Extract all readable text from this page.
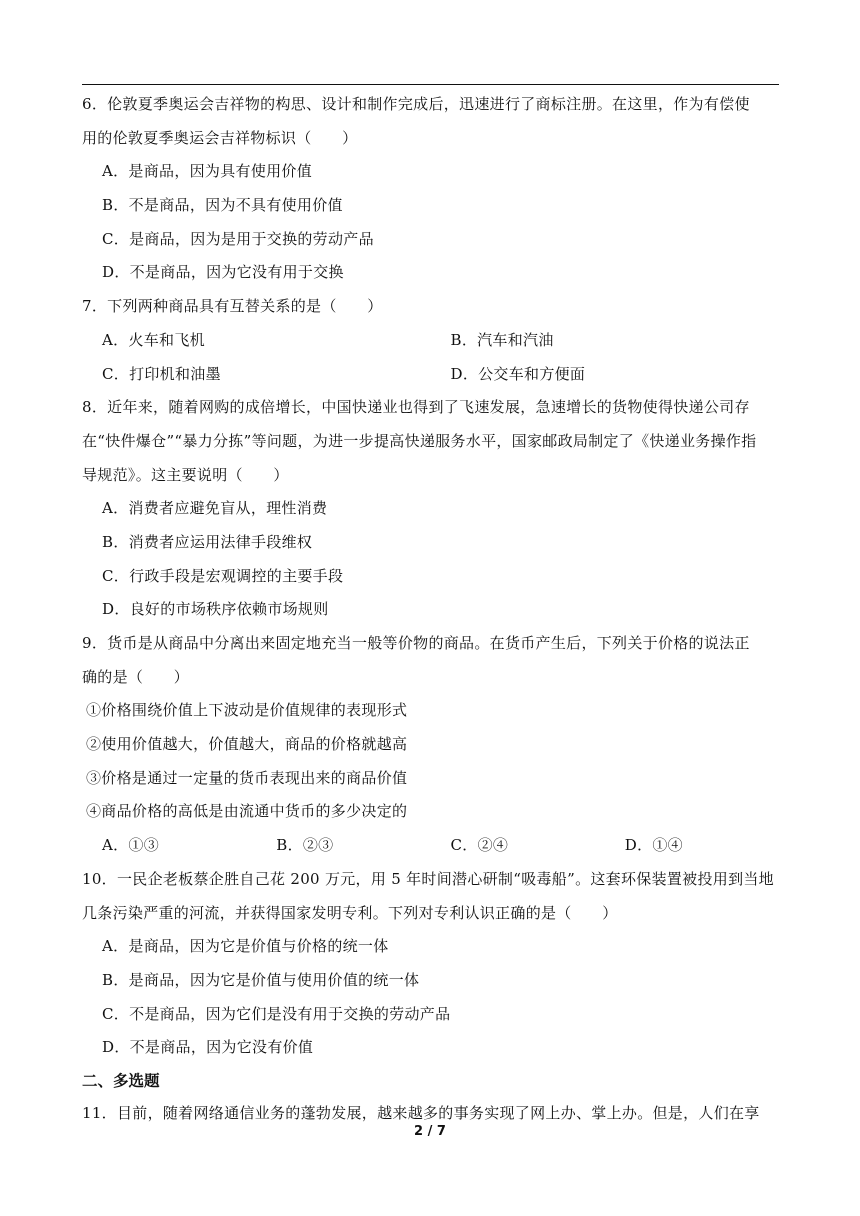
6．伦敦夏季奥运会吉祥物的构思、设计和制作完成后，迅速进行了商标注册。在这里，作为有偿使
用的伦敦夏季奥运会吉祥物标识（　　）
A．是商品，因为具有使用价值
B．不是商品，因为不具有使用价值
C．是商品，因为是用于交换的劳动产品
D．不是商品，因为它没有用于交换
7．下列两种商品具有互替关系的是（　　）
A．火车和飞机	B．汽车和汽油
C．打印机和油墨	D．公交车和方便面
8．近年来，随着网购的成倍增长，中国快递业也得到了飞速发展，急速增长的货物使得快递公司存
在“快件爆仓”“暴力分拣”等问题，为进一步提高快递服务水平，国家邮政局制定了《快递业务操作指
导规范》。这主要说明（　　）
A．消费者应避免盲从，理性消费
B．消费者应运用法律手段维权
C．行政手段是宏观调控的主要手段
D．良好的市场秩序依赖市场规则
9．货币是从商品中分离出来固定地充当一般等价物的商品。在货币产生后，下列关于价格的说法正
确的是（　　）
①价格围绕价值上下波动是价值规律的表现形式
②使用价值越大，价值越大，商品的价格就越高
③价格是通过一定量的货币表现出来的商品价值
④商品价格的高低是由流通中货币的多少决定的
A．①③	B．②③	C．②④	D．①④
10．一民企老板蔡企胜自己花 200 万元，用 5 年时间潜心研制“吸毒船”。这套环保装置被投用到当地
几条污染严重的河流，并获得国家发明专利。下列对专利认识正确的是（　　）
A．是商品，因为它是价值与价格的统一体
B．是商品，因为它是价值与使用价值的统一体
C．不是商品，因为它们是没有用于交换的劳动产品
D．不是商品，因为它没有价值
二、多选题
11．目前，随着网络通信业务的蓬勃发展，越来越多的事务实现了网上办、掌上办。但是，人们在享
2 / 7
